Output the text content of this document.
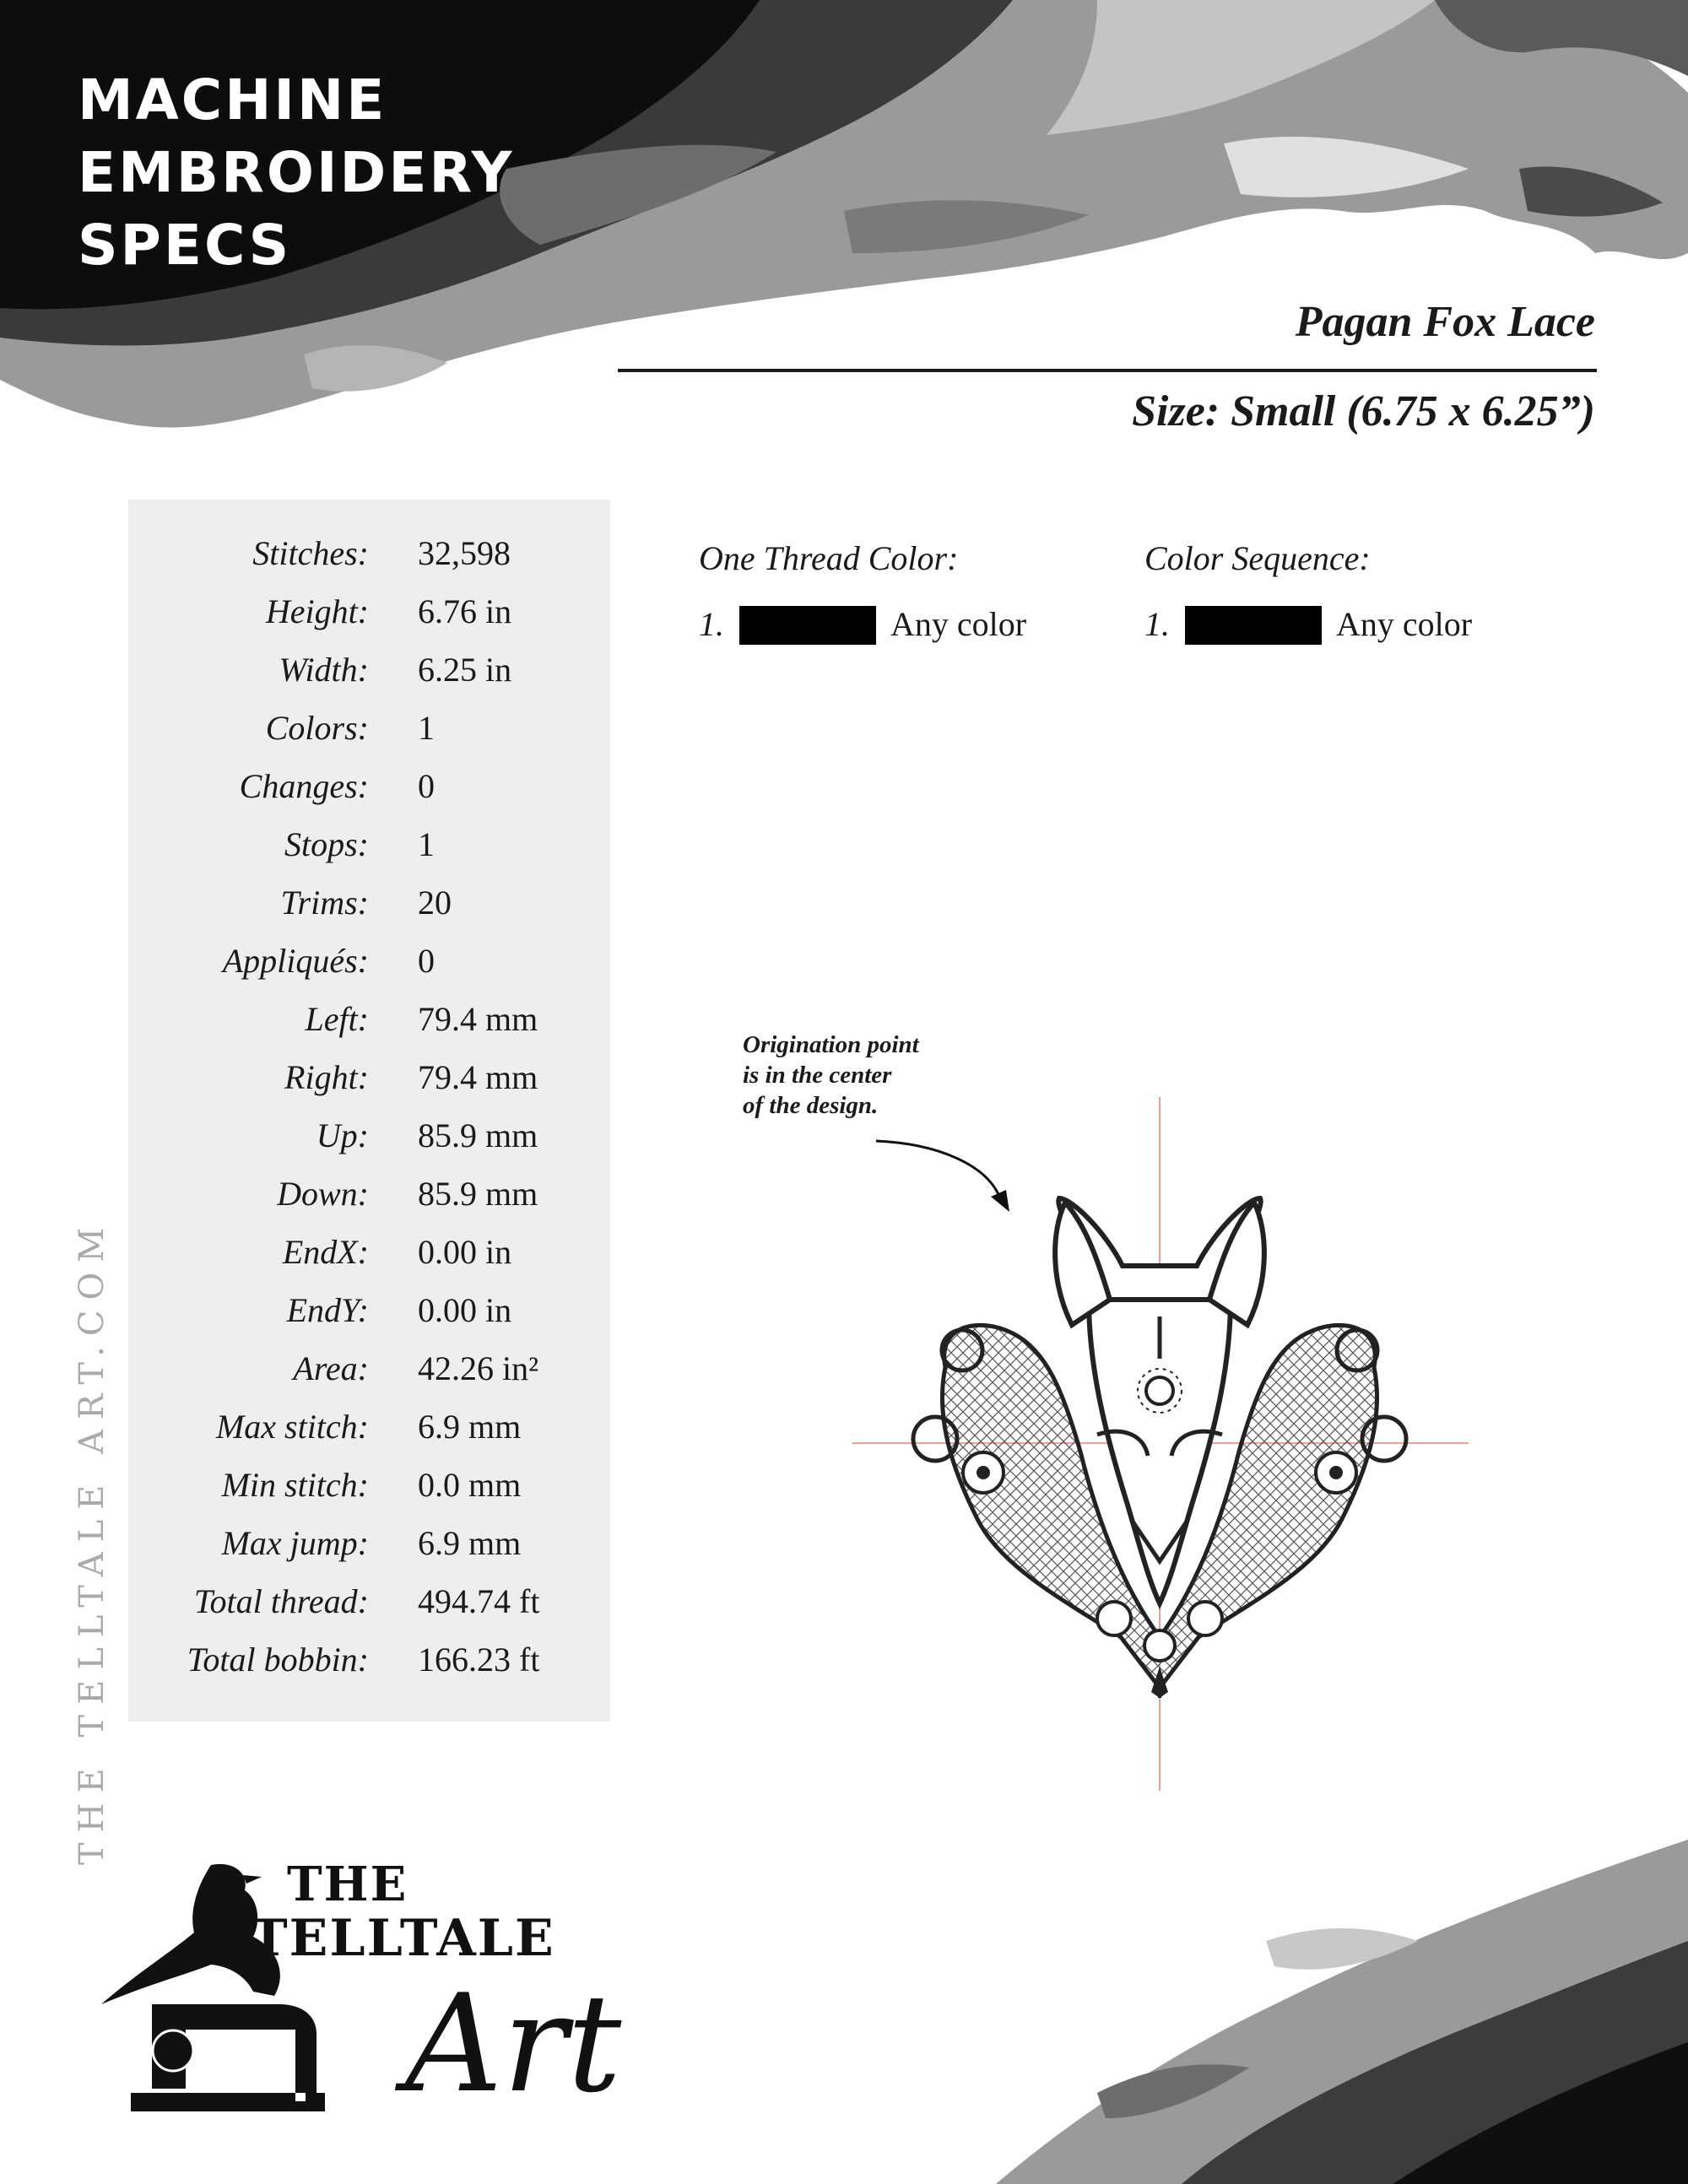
MACHINE
EMBROIDERY
SPECS
Pagan Fox Lace
Size: Small (6.75 x 6.25”)
Stitches: 32,598
Height: 6.76 in
Width: 6.25 in
Colors: 1
Changes: 0
Stops: 1
Trims: 20
Appliqués: 0
Left: 79.4 mm
Right: 79.4 mm
Up: 85.9 mm
Down: 85.9 mm
EndX: 0.00 in
EndY: 0.00 in
Area: 42.26 in²
Max stitch: 6.9 mm
Min stitch: 0.0 mm
Max jump: 6.9 mm
Total thread: 494.74 ft
Total bobbin: 166.23 ft
One Thread Color:
1.	Any color
Color Sequence:
1.	Any color
Origination point
is in the center
of the design.
THE TELLTALE ART.COM
THE
TELLTALE
Art
